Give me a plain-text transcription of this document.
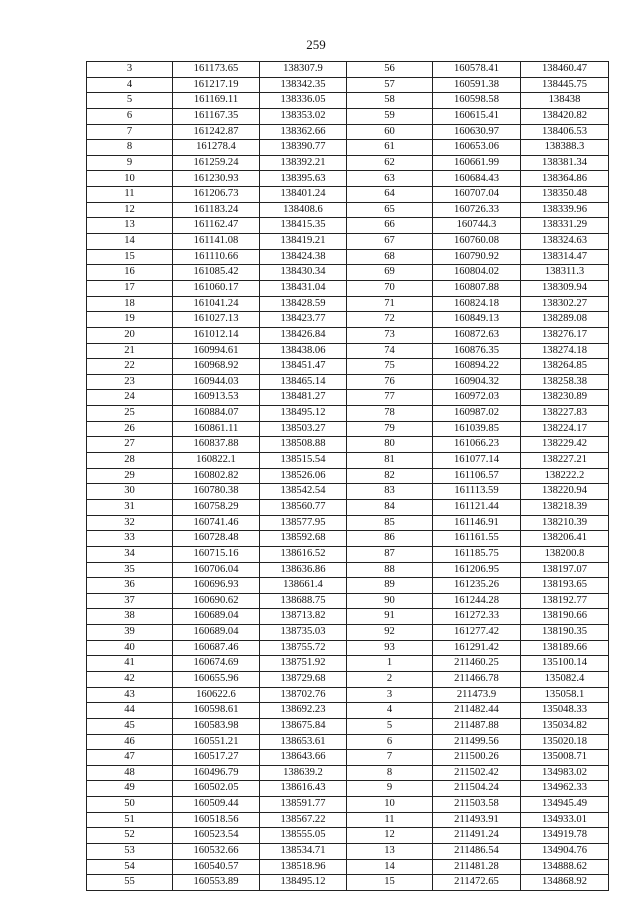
259
3	161173.65	138307.9	56	160578.41	138460.47
4	161217.19	138342.35	57	160591.38	138445.75
5	161169.11	138336.05	58	160598.58	138438
6	161167.35	138353.02	59	160615.41	138420.82
7	161242.87	138362.66	60	160630.97	138406.53
8	161278.4	138390.77	61	160653.06	138388.3
9	161259.24	138392.21	62	160661.99	138381.34
10	161230.93	138395.63	63	160684.43	138364.86
11	161206.73	138401.24	64	160707.04	138350.48
12	161183.24	138408.6	65	160726.33	138339.96
13	161162.47	138415.35	66	160744.3	138331.29
14	161141.08	138419.21	67	160760.08	138324.63
15	161110.66	138424.38	68	160790.92	138314.47
16	161085.42	138430.34	69	160804.02	138311.3
17	161060.17	138431.04	70	160807.88	138309.94
18	161041.24	138428.59	71	160824.18	138302.27
19	161027.13	138423.77	72	160849.13	138289.08
20	161012.14	138426.84	73	160872.63	138276.17
21	160994.61	138438.06	74	160876.35	138274.18
22	160968.92	138451.47	75	160894.22	138264.85
23	160944.03	138465.14	76	160904.32	138258.38
24	160913.53	138481.27	77	160972.03	138230.89
25	160884.07	138495.12	78	160987.02	138227.83
26	160861.11	138503.27	79	161039.85	138224.17
27	160837.88	138508.88	80	161066.23	138229.42
28	160822.1	138515.54	81	161077.14	138227.21
29	160802.82	138526.06	82	161106.57	138222.2
30	160780.38	138542.54	83	161113.59	138220.94
31	160758.29	138560.77	84	161121.44	138218.39
32	160741.46	138577.95	85	161146.91	138210.39
33	160728.48	138592.68	86	161161.55	138206.41
34	160715.16	138616.52	87	161185.75	138200.8
35	160706.04	138636.86	88	161206.95	138197.07
36	160696.93	138661.4	89	161235.26	138193.65
37	160690.62	138688.75	90	161244.28	138192.77
38	160689.04	138713.82	91	161272.33	138190.66
39	160689.04	138735.03	92	161277.42	138190.35
40	160687.46	138755.72	93	161291.42	138189.66
41	160674.69	138751.92	1	211460.25	135100.14
42	160655.96	138729.68	2	211466.78	135082.4
43	160622.6	138702.76	3	211473.9	135058.1
44	160598.61	138692.23	4	211482.44	135048.33
45	160583.98	138675.84	5	211487.88	135034.82
46	160551.21	138653.61	6	211499.56	135020.18
47	160517.27	138643.66	7	211500.26	135008.71
48	160496.79	138639.2	8	211502.42	134983.02
49	160502.05	138616.43	9	211504.24	134962.33
50	160509.44	138591.77	10	211503.58	134945.49
51	160518.56	138567.22	11	211493.91	134933.01
52	160523.54	138555.05	12	211491.24	134919.78
53	160532.66	138534.71	13	211486.54	134904.76
54	160540.57	138518.96	14	211481.28	134888.62
55	160553.89	138495.12	15	211472.65	134868.92
